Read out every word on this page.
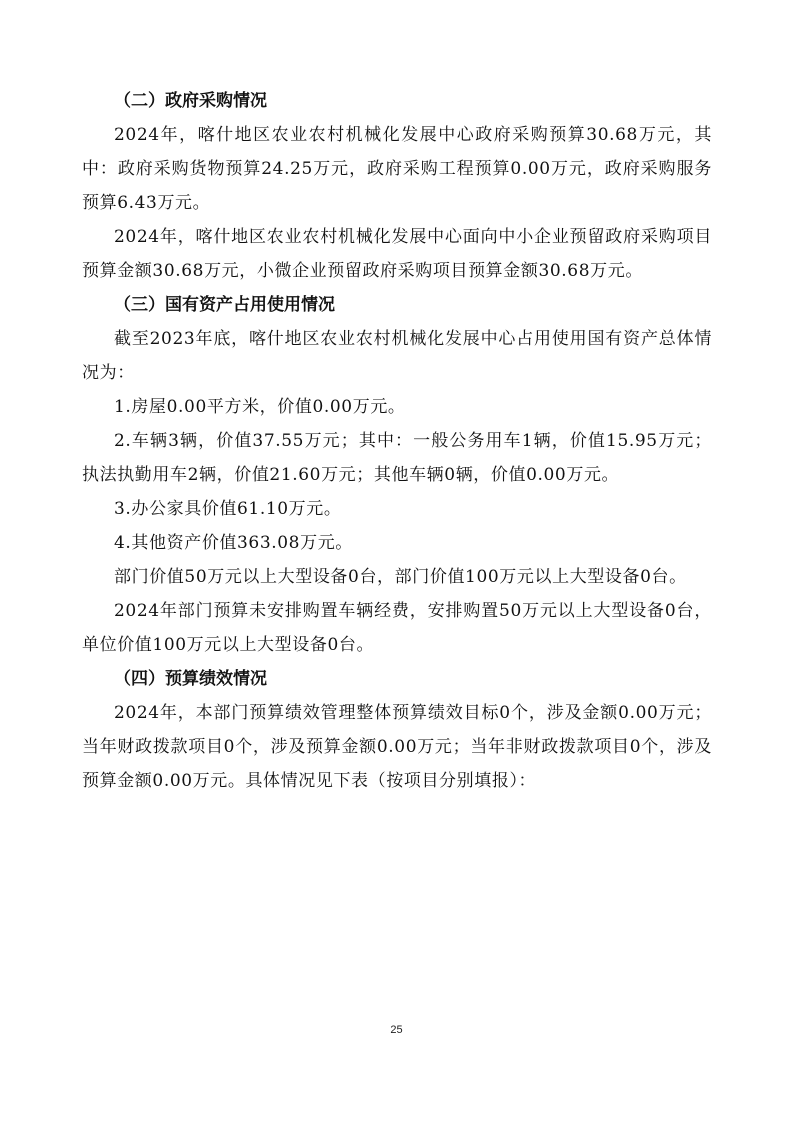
（二）政府采购情况

2024年，喀什地区农业农村机械化发展中心政府采购预算30.68万元，其中：政府采购货物预算24.25万元，政府采购工程预算0.00万元，政府采购服务预算6.43万元。

2024年，喀什地区农业农村机械化发展中心面向中小企业预留政府采购项目预算金额30.68万元，小微企业预留政府采购项目预算金额30.68万元。

（三）国有资产占用使用情况

截至2023年底，喀什地区农业农村机械化发展中心占用使用国有资产总体情况为：

1.房屋0.00平方米，价值0.00万元。

2.车辆3辆，价值37.55万元；其中：一般公务用车1辆，价值15.95万元；执法执勤用车2辆，价值21.60万元；其他车辆0辆，价值0.00万元。

3.办公家具价值61.10万元。

4.其他资产价值363.08万元。

部门价值50万元以上大型设备0台，部门价值100万元以上大型设备0台。

2024年部门预算未安排购置车辆经费，安排购置50万元以上大型设备0台，单位价值100万元以上大型设备0台。

（四）预算绩效情况

2024年，本部门预算绩效管理整体预算绩效目标0个，涉及金额0.00万元；当年财政拨款项目0个，涉及预算金额0.00万元；当年非财政拨款项目0个，涉及预算金额0.00万元。具体情况见下表（按项目分别填报）：

25
